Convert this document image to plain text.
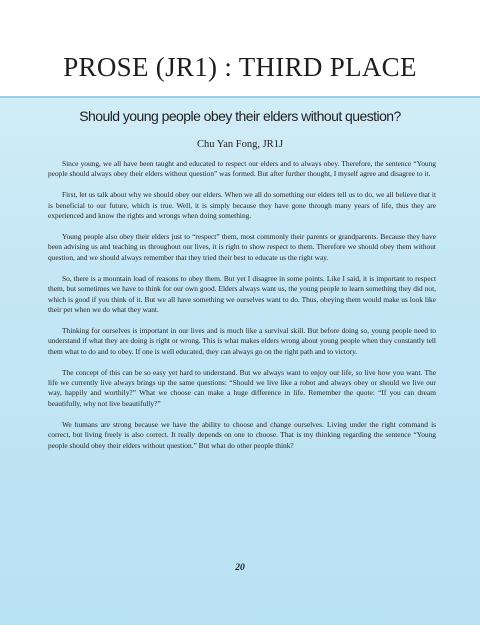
PROSE (JR1) : THIRD PLACE
Should young people obey their elders without question?
Chu Yan Fong, JR1J

Since young, we all have been taught and educated to respect our elders and to always obey. Therefore, the sentence “Young people should always obey their elders without question” was formed. But after further thought, I myself agree and disagree to it.

First, let us talk about why we should obey our elders. When we all do something our elders tell us to do, we all believe that it is beneficial to our future, which is true. Well, it is simply because they have gone through many years of life, thus they are experienced and know the rights and wrongs when doing something.

Young people also obey their elders just to “respect” them, most commonly their parents or grandparents. Because they have been advising us and teaching us throughout our lives, it is right to show respect to them. Therefore we should obey them without question, and we should always remember that they tried their best to educate us the right way.

So, there is a mountain load of reasons to obey them. But yet I disagree in some points. Like I said, it is important to respect them, but sometimes we have to think for our own good. Elders always want us, the young people to learn something they did not, which is good if you think of it. But we all have something we ourselves want to do. Thus, obeying them would make us look like their pet when we do what they want.

Thinking for ourselves is important in our lives and is much like a survival skill. But before doing so, young people need to understand if what they are doing is right or wrong. This is what makes elders wrong about young people when they constantly tell them what to do and to obey. If one is well educated, they can always go on the right path and to victory.

The concept of this can be so easy yet hard to understand. But we always want to enjoy our life, so live how you want. The life we currently live always brings up the same questions: “Should we live like a robot and always obey or should we live our way, happily and worthily?” What we choose can make a huge difference in life. Remember the quote: “If you can dream beautifully, why not live beautifully?”

We humans are strong because we have the ability to choose and change ourselves. Living under the right command is correct, but living freely is also correct. It really depends on one to choose. That is my thinking regarding the sentence “Young people should obey their elders without question.” But what do other people think?

20
